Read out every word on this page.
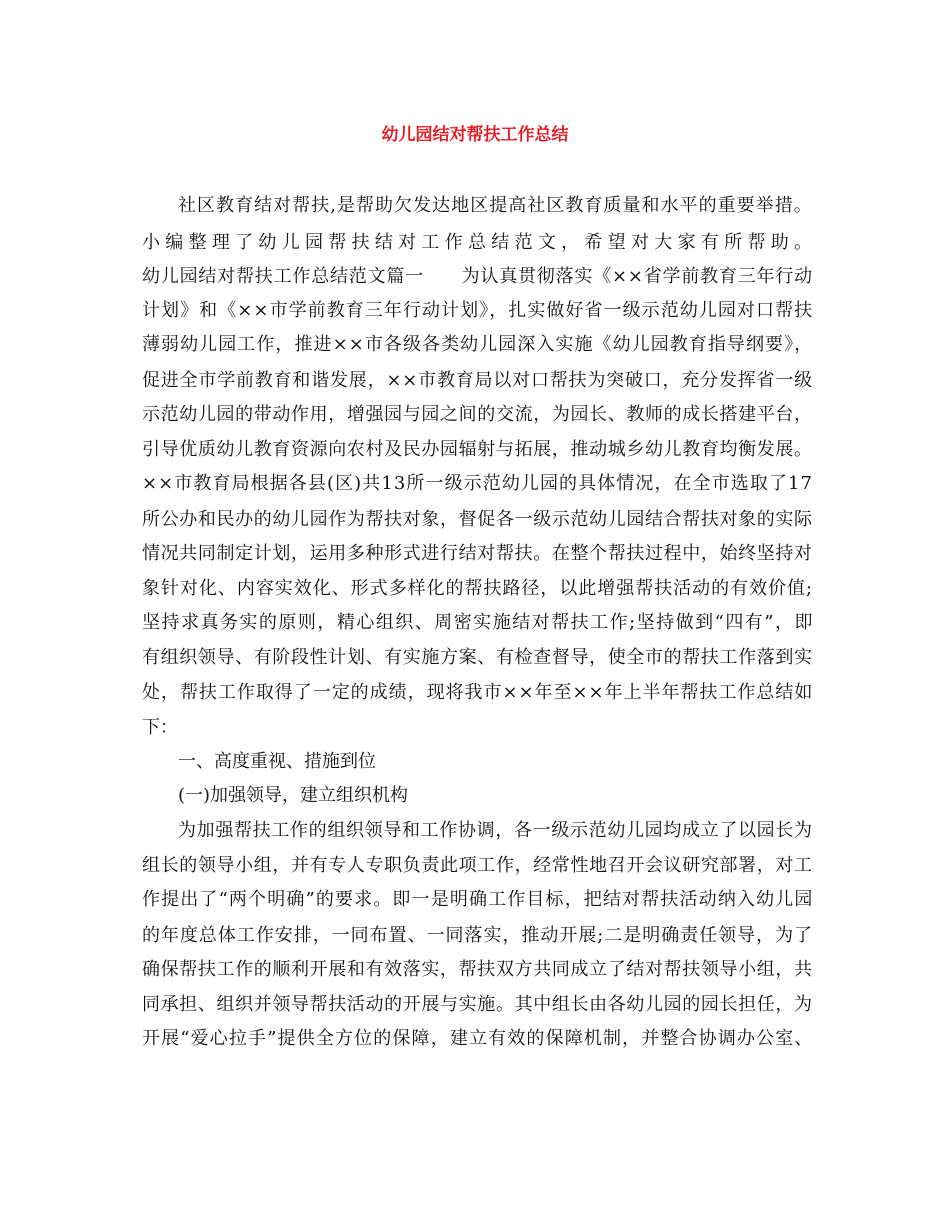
幼儿园结对帮扶工作总结
社区教育结对帮扶,是帮助欠发达地区提高社区教育质量和水平的重要举措。
小编整理了幼儿园帮扶结对工作总结范文，希望对大家有所帮助。
幼儿园结对帮扶工作总结范文篇一　　为认真贯彻落实《××省学前教育三年行动
计划》和《××市学前教育三年行动计划》，扎实做好省一级示范幼儿园对口帮扶
薄弱幼儿园工作，推进××市各级各类幼儿园深入实施《幼儿园教育指导纲要》，
促进全市学前教育和谐发展，××市教育局以对口帮扶为突破口，充分发挥省一级
示范幼儿园的带动作用，增强园与园之间的交流，为园长、教师的成长搭建平台，
引导优质幼儿教育资源向农村及民办园辐射与拓展，推动城乡幼儿教育均衡发展。
××市教育局根据各县(区)共13所一级示范幼儿园的具体情况，在全市选取了17
所公办和民办的幼儿园作为帮扶对象，督促各一级示范幼儿园结合帮扶对象的实际
情况共同制定计划，运用多种形式进行结对帮扶。在整个帮扶过程中，始终坚持对
象针对化、内容实效化、形式多样化的帮扶路径，以此增强帮扶活动的有效价值;
坚持求真务实的原则，精心组织、周密实施结对帮扶工作;坚持做到“四有”，即
有组织领导、有阶段性计划、有实施方案、有检查督导，使全市的帮扶工作落到实
处，帮扶工作取得了一定的成绩，现将我市××年至××年上半年帮扶工作总结如
下：
一、高度重视、措施到位
(一)加强领导，建立组织机构
为加强帮扶工作的组织领导和工作协调，各一级示范幼儿园均成立了以园长为
组长的领导小组，并有专人专职负责此项工作，经常性地召开会议研究部署，对工
作提出了“两个明确”的要求。即一是明确工作目标，把结对帮扶活动纳入幼儿园
的年度总体工作安排，一同布置、一同落实，推动开展;二是明确责任领导，为了
确保帮扶工作的顺利开展和有效落实，帮扶双方共同成立了结对帮扶领导小组，共
同承担、组织并领导帮扶活动的开展与实施。其中组长由各幼儿园的园长担任，为
开展“爱心拉手”提供全方位的保障，建立有效的保障机制，并整合协调办公室、
